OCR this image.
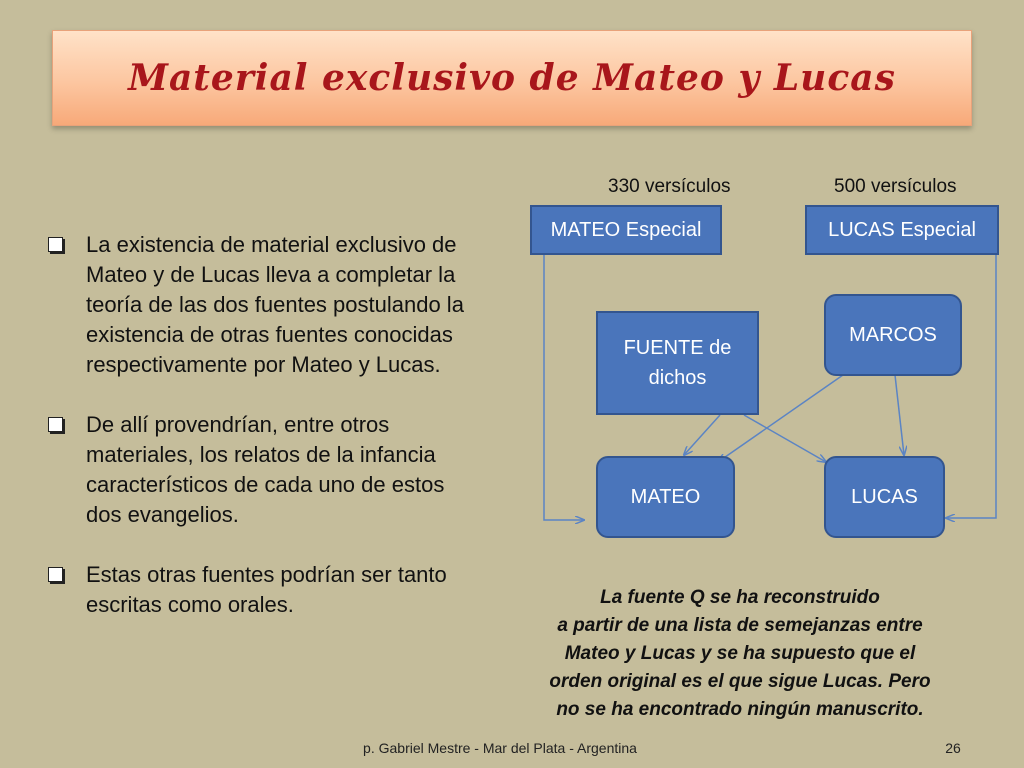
Material exclusivo de Mateo y Lucas
La existencia de material exclusivo de Mateo y de Lucas lleva a completar la teoría de las dos fuentes postulando la existencia de otras fuentes conocidas respectivamente por Mateo y Lucas.
De allí provendrían, entre otros materiales, los relatos de la infancia característicos de cada uno de estos dos evangelios.
Estas otras fuentes podrían ser tanto escritas como orales.
330 versículos	500 versículos
MATEO Especial	LUCAS Especial
FUENTE de
dichos
MARCOS
MATEO	LUCAS
La fuente Q se ha reconstruido
a partir de una lista de semejanzas entre
Mateo y Lucas y se ha supuesto que el
orden original es el que sigue Lucas. Pero
no se ha encontrado ningún manuscrito.
p. Gabriel Mestre - Mar del Plata - Argentina	26
